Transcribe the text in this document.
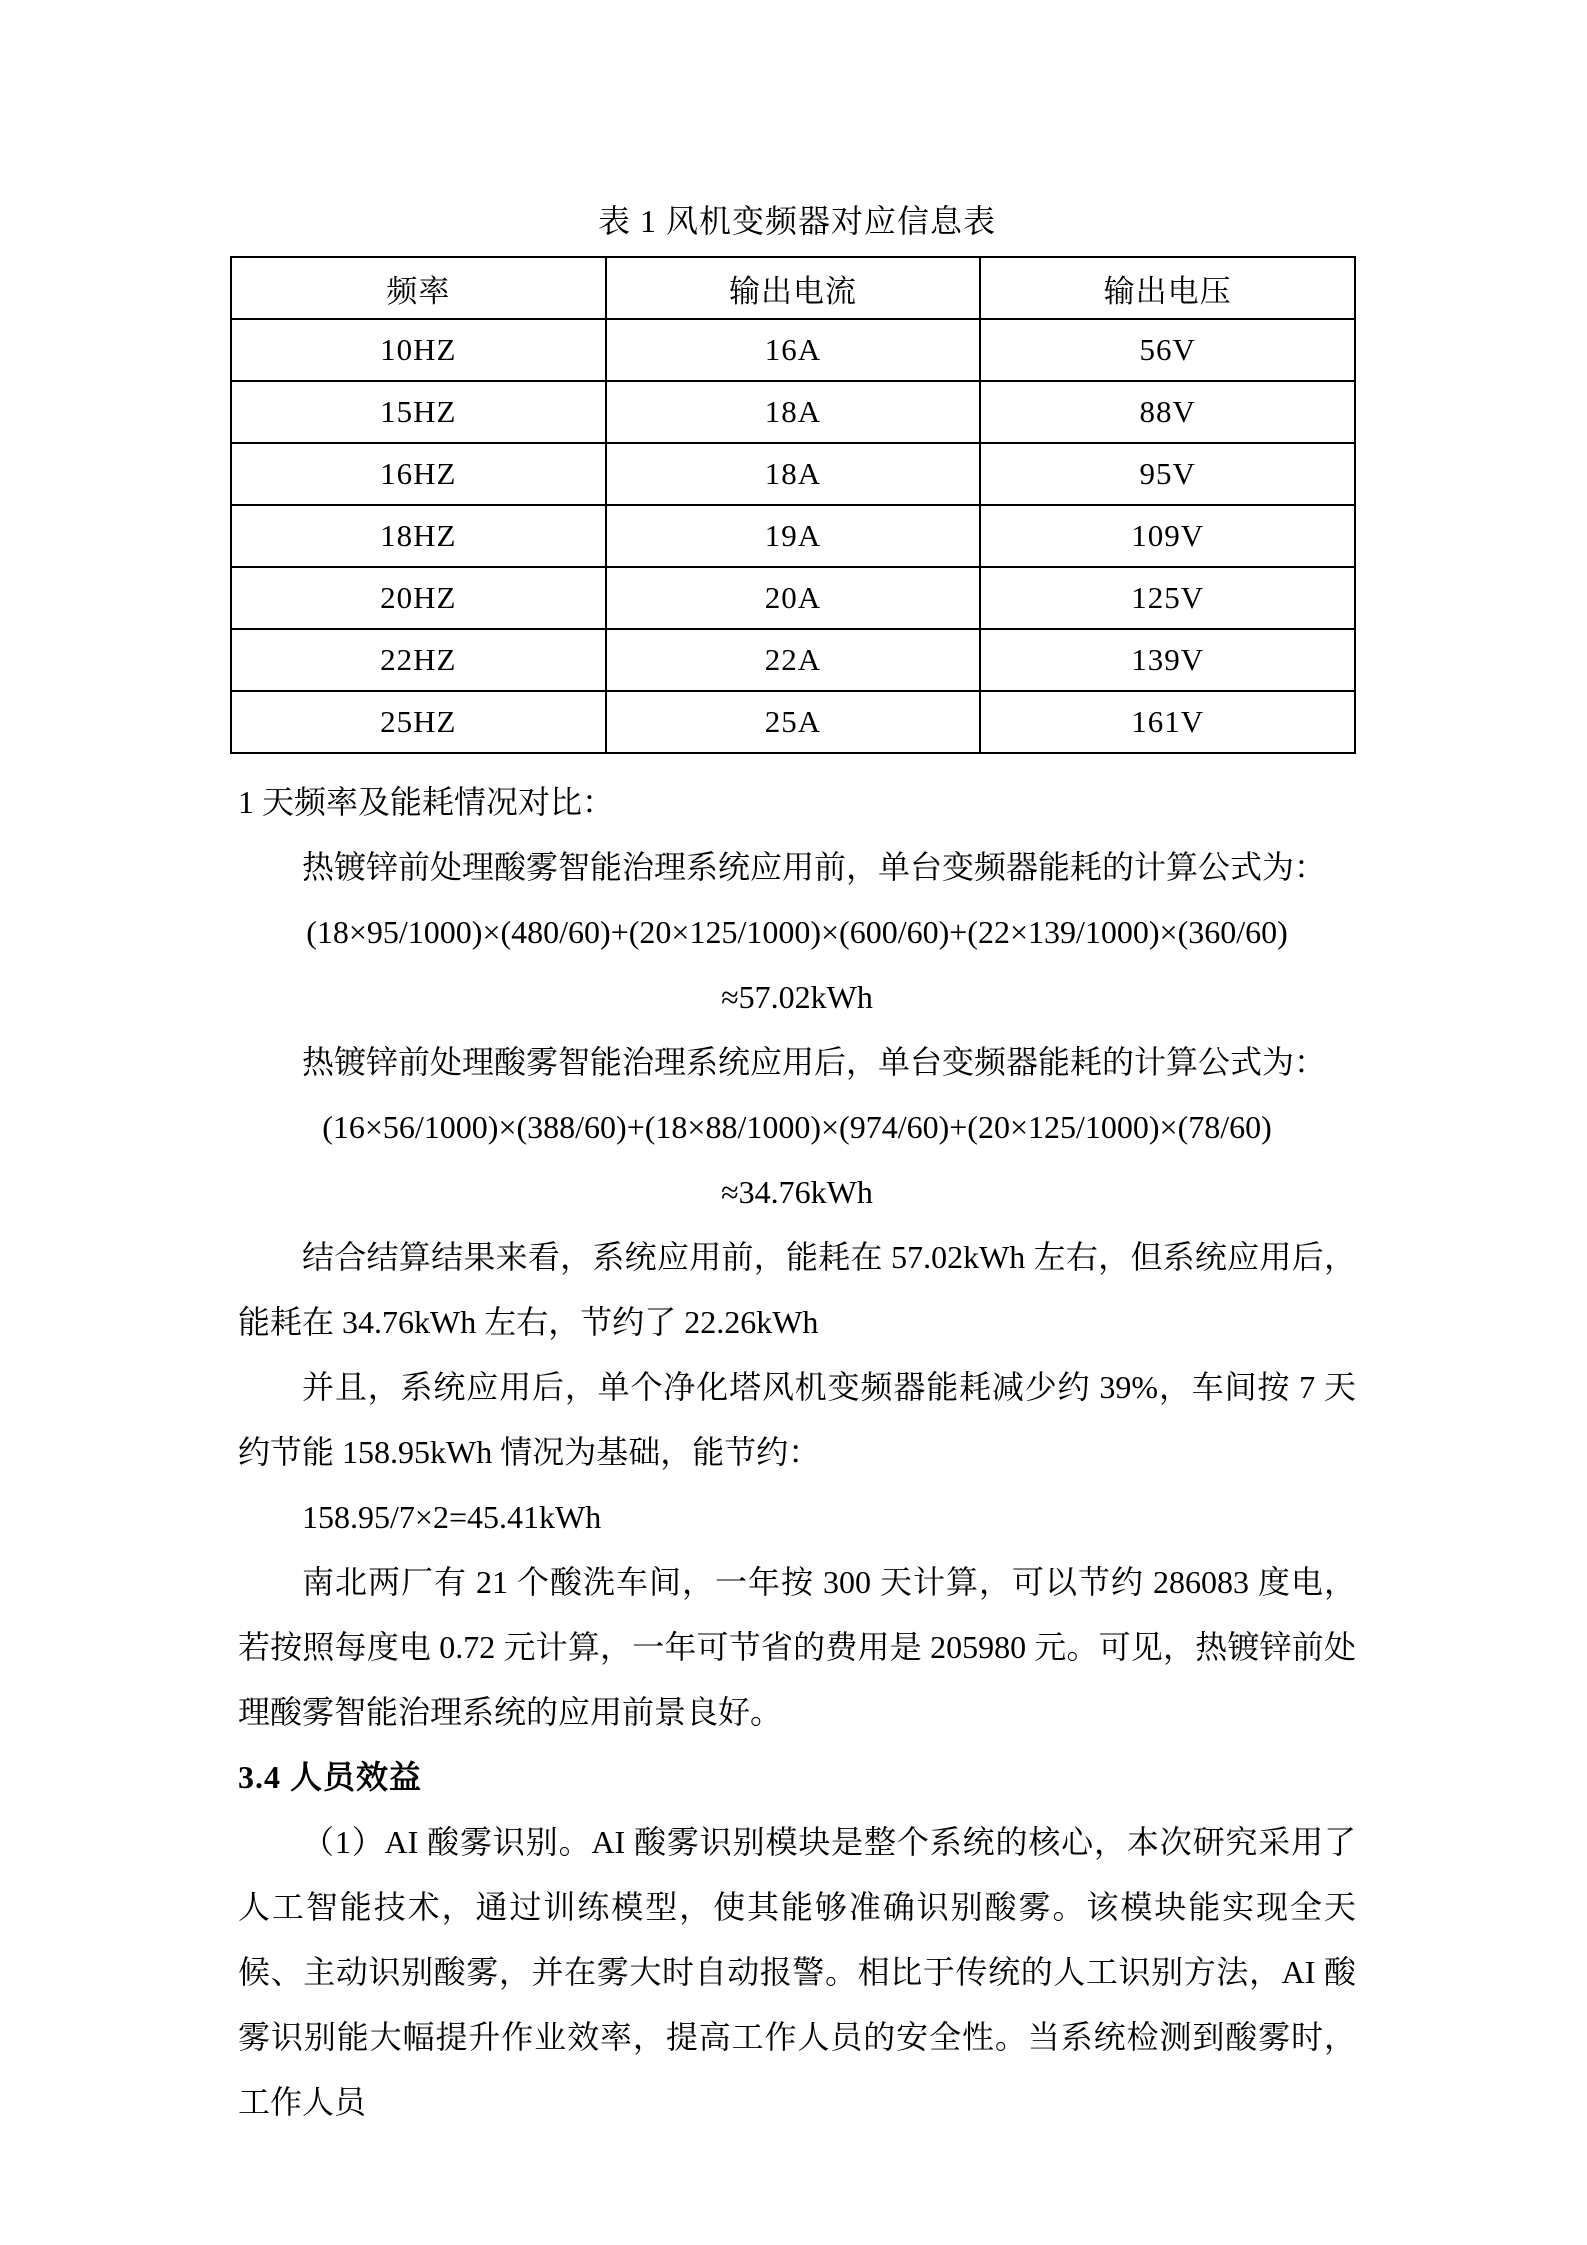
表 1 风机变频器对应信息表
频率	输出电流	输出电压
10HZ	16A	56V
15HZ	18A	88V
16HZ	18A	95V
18HZ	19A	109V
20HZ	20A	125V
22HZ	22A	139V
25HZ	25A	161V

1 天频率及能耗情况对比：

热镀锌前处理酸雾智能治理系统应用前，单台变频器能耗的计算公式为：

(18×95/1000)×(480/60)+(20×125/1000)×(600/60)+(22×139/1000)×(360/60)

≈57.02kWh

热镀锌前处理酸雾智能治理系统应用后，单台变频器能耗的计算公式为：

(16×56/1000)×(388/60)+(18×88/1000)×(974/60)+(20×125/1000)×(78/60)

≈34.76kWh

结合结算结果来看，系统应用前，能耗在 57.02kWh 左右，但系统应用后，能耗在 34.76kWh 左右，节约了 22.26kWh

并且，系统应用后，单个净化塔风机变频器能耗减少约 39%，车间按 7 天约节能 158.95kWh 情况为基础，能节约：

158.95/7×2=45.41kWh

南北两厂有 21 个酸洗车间，一年按 300 天计算，可以节约 286083 度电，若按照每度电 0.72 元计算，一年可节省的费用是 205980 元。可见，热镀锌前处理酸雾智能治理系统的应用前景良好。

3.4 人员效益

（1）AI 酸雾识别。AI 酸雾识别模块是整个系统的核心，本次研究采用了人工智能技术，通过训练模型，使其能够准确识别酸雾。该模块能实现全天候、主动识别酸雾，并在雾大时自动报警。相比于传统的人工识别方法，AI 酸雾识别能大幅提升作业效率，提高工作人员的安全性。当系统检测到酸雾时，工作人员
